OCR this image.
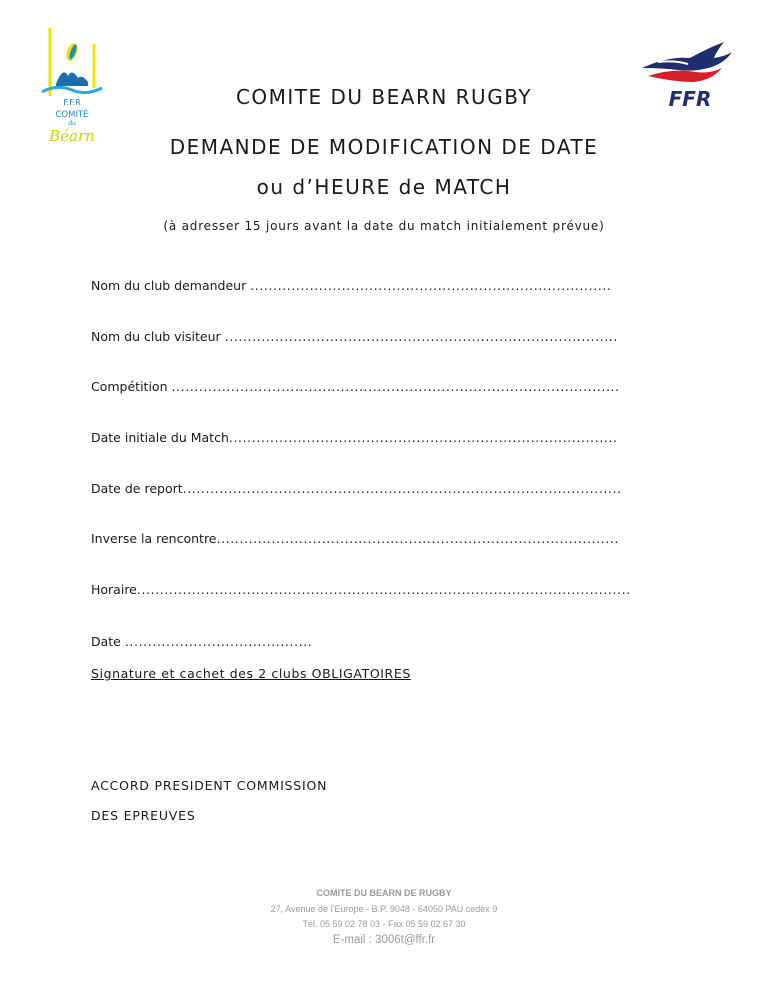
F.F.R
COMITÉ
du
Béarn
FFR
COMITE DU BEARN RUGBY
DEMANDE DE MODIFICATION DE DATE
ou d’HEURE de MATCH
(à adresser 15 jours avant la date du match initialement prévue)
Nom du club demandeur ...............................................................................
Nom du club visiteur ......................................................................................
Compétition ..................................................................................................
Date initiale du Match.....................................................................................
Date de report................................................................................................
Inverse la rencontre........................................................................................
Horaire............................................................................................................
Date .........................................
Signature et cachet des 2 clubs OBLIGATOIRES
ACCORD PRESIDENT COMMISSION
DES EPREUVES
COMITE DU BEARN DE RUGBY
27, Avenue de l’Europe - B.P. 9048 - 64050 PAU cedex 9
Tél. 05 59 02 78 03 - Fax 05 59 02 67 30
E-mail : 3006t@ffr.fr
